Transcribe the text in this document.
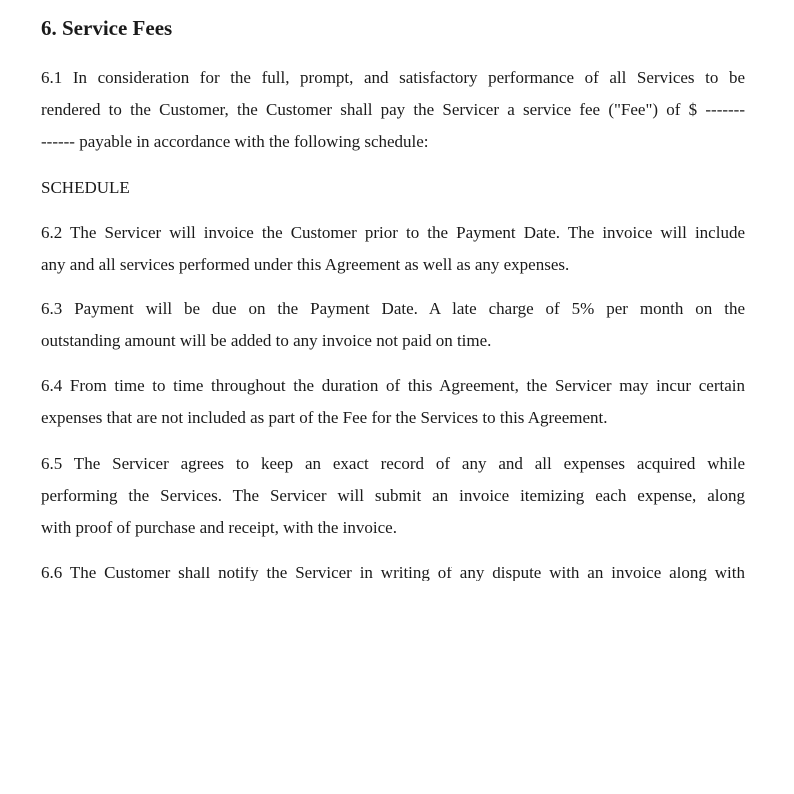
6. Service Fees

6.1 In consideration for the full, prompt, and satisfactory performance of all Services to be
rendered to the Customer, the Customer shall pay the Servicer a service fee ("Fee") of $ -------
------ payable in accordance with the following schedule:

SCHEDULE

6.2 The Servicer will invoice the Customer prior to the Payment Date. The invoice will include
any and all services performed under this Agreement as well as any expenses.

6.3 Payment will be due on the Payment Date. A late charge of 5% per month on the
outstanding amount will be added to any invoice not paid on time.

6.4 From time to time throughout the duration of this Agreement, the Servicer may incur certain
expenses that are not included as part of the Fee for the Services to this Agreement.

6.5 The Servicer agrees to keep an exact record of any and all expenses acquired while
performing the Services. The Servicer will submit an invoice itemizing each expense, along
with proof of purchase and receipt, with the invoice.

6.6 The Customer shall notify the Servicer in writing of any dispute with an invoice along with
